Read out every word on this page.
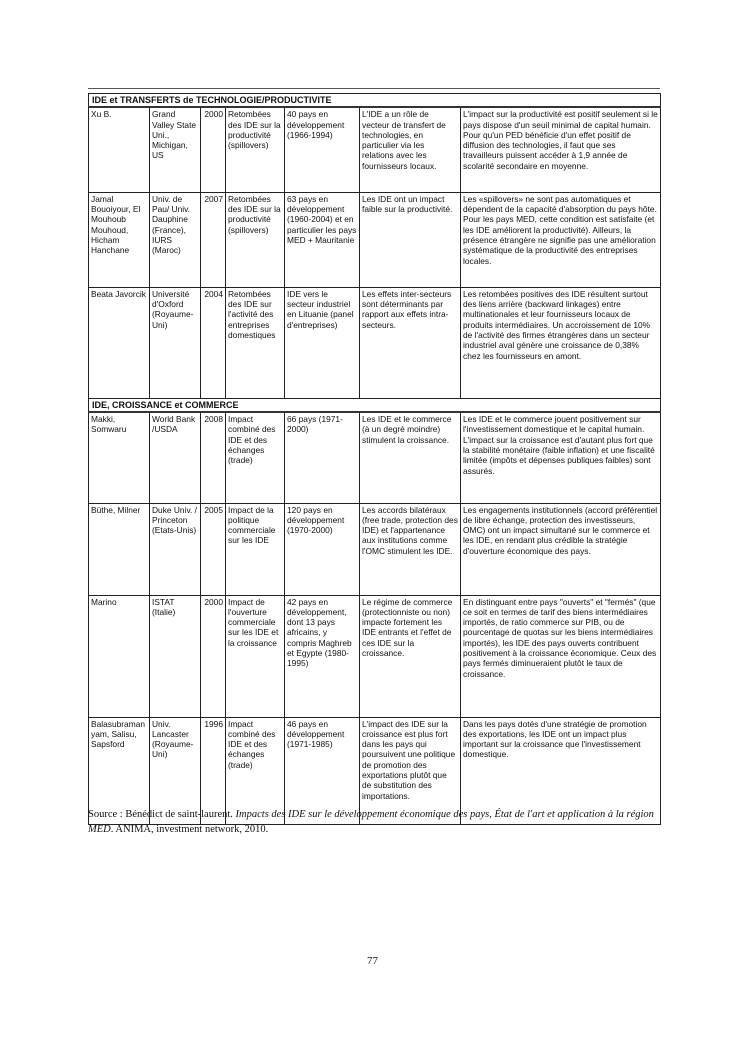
IDE et TRANSFERTS de TECHNOLOGIE/PRODUCTIVITE						
Xu B.	Grand Valley State Uni., Michigan, US	2000	Retombées des IDE sur la productivité (spillovers)	40 pays en développement (1966-1994)	L'IDE a un rôle de vecteur de transfert de technologies, en particulier via les relations avec les fournisseurs locaux.	L'impact sur la productivité est positif seulement si le pays dispose d'un seuil minimal de capital humain. Pour qu'un PED bénéficie d'un effet positif de diffusion des technologies, il faut que ses travailleurs puissent accéder à 1,9 année de scolarité secondaire en moyenne.
Jamal Bouoiyour, El Mouhoub Mouhoud, Hicham Hanchane	Univ. de Pau/ Univ. Dauphine (France), IURS (Maroc)	2007	Retombées des IDE sur la productivité (spillovers)	63 pays en développement (1960-2004) et en particulier les pays MED + Mauritanie	Les IDE ont un impact faible sur la productivité.	Les «spillovers» ne sont pas automatiques et dépendent de la capacité d'absorption du pays hôte. Pour les pays MED, cette condition est satisfaite (et les IDE améliorent la productivité). Ailleurs, la présence étrangère ne signifie pas une amélioration systématique de la productivité des entreprises locales.
Beata Javorcik	Université d'Oxford (Royaume-Uni)	2004	Retombées des IDE sur l'activité des entreprises domestiques	IDE vers le secteur industriel en Lituanie (panel d'entreprises)	Les effets inter-secteurs sont déterminants par rapport aux effets intra-secteurs.	Les retombées positives des IDE résultent surtout des liens arrière (backward linkages) entre multinationales et leur fournisseurs locaux de produits intermédiaires. Un accroissement de 10% de l'activité des firmes étrangères dans un secteur industriel aval génère une croissance de 0,38% chez les fournisseurs en amont.
IDE, CROISSANCE et COMMERCE						
Makki, Somwaru	World Bank /USDA	2008	Impact combiné des IDE et des échanges (trade)	66 pays (1971-2000)	Les IDE et le commerce (à un degré moindre) stimulent la croissance.	Les IDE et le commerce jouent positivement sur l'investissement domestique et le capital humain. L'impact sur la croissance est d'autant plus fort que la stabilité monétaire (faible inflation) et une fiscalité limitée (impôts et dépenses publiques faibles) sont assurés.
Büthe, Milner	Duke Univ. / Princeton (Etats-Unis)	2005	Impact de la politique commerciale sur les IDE	120 pays en développement (1970-2000)	Les accords bilatéraux (free trade, protection des IDE) et l'appartenance aux institutions comme l'OMC stimulent les IDE.	Les engagements institutionnels (accord préférentiel de libre échange, protection des investisseurs, OMC) ont un impact simultané sur le commerce et les IDE, en rendant plus crédible la stratégie d'ouverture économique des pays.
Marino	ISTAT (Italie)	2000	Impact de l'ouverture commerciale sur les IDE et la croissance	42 pays en développement, dont 13 pays africains, y compris Maghreb et Egypte (1980-1995)	Le régime de commerce (protectionniste ou non) impacte fortement les IDE entrants et l'effet de ces IDE sur la croissance.	En distinguant entre pays "ouverts" et "fermés" (que ce soit en termes de tarif des biens intermédiaires importés, de ratio commerce sur PIB, ou de pourcentage de quotas sur les biens intermédiaires importés), les IDE des pays ouverts contribuent positivement à la croissance économique. Ceux des pays fermés diminueraient plutôt le taux de croissance.
Balasubramanyam, Salisu, Sapsford	Univ. Lancaster (Royaume-Uni)	1996	Impact combiné des IDE et des échanges (trade)	46 pays en développement (1971-1985)	L'impact des IDE sur la croissance est plus fort dans les pays qui poursuivent une politique de promotion des exportations plutôt que de substitution des importations.	Dans les pays dotés d'une stratégie de promotion des exportations, les IDE ont un impact plus important sur la croissance que l'investissement domestique.
Source : Bénédict de saint-laurent. Impacts des IDE sur le développement économique des pays, État de l'art et application à la région MED. ANIMA, investment network, 2010.
77
